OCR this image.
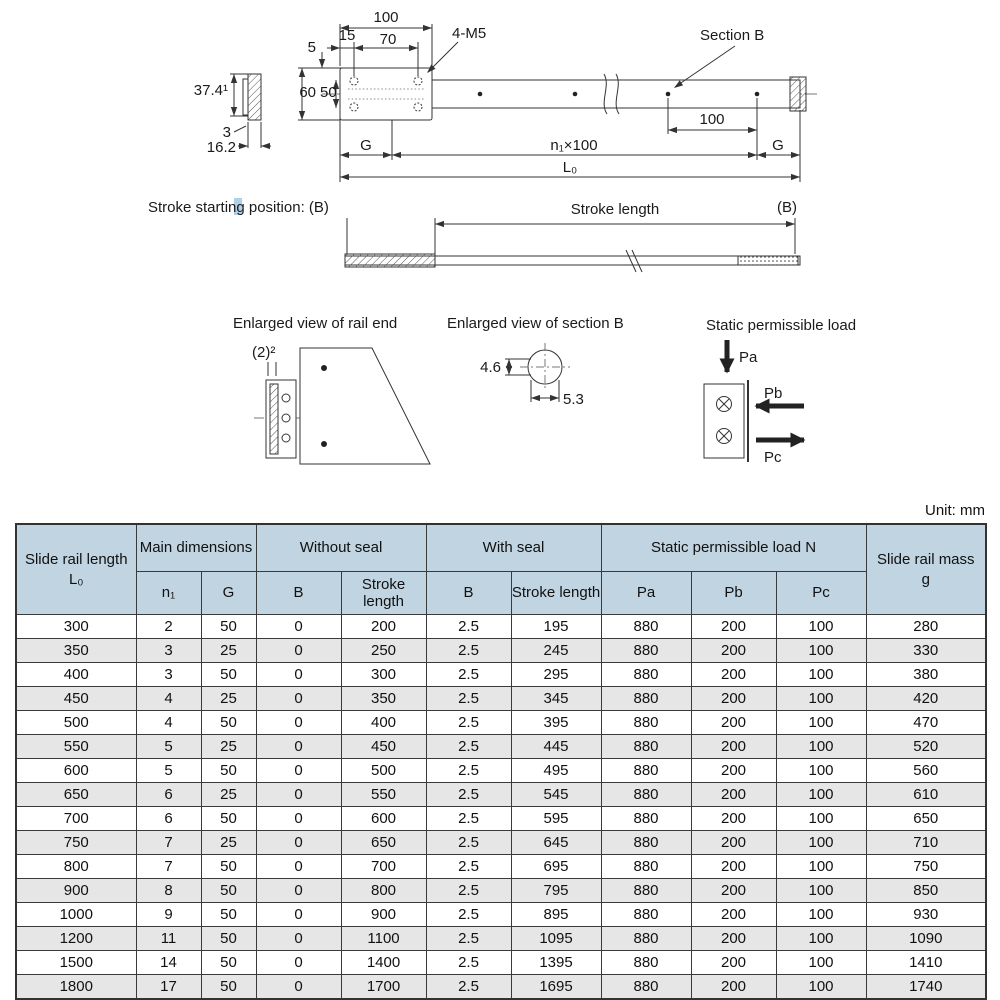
37.4¹
3
16.2
100
15 70
5
4-M5	Section B
60 50
100
G	n₁×100	G
L₀
Stroke starting position: (B)	Stroke length	(B)
Enlarged view of rail end
(2)²
Enlarged view of section B
4.6
5.3
Static permissible load
Pa
Pb
Pc
Unit: mm
Slide rail length
L₀
	Main dimensions	Without seal	With seal	Static permissible load N	
Slide rail mass
g

	n₁	G	B	Stroke length	B	Stroke length	Pa	Pb	Pc	
300	2	50	0	200	2.5	195	880	200	100	280
350	3	25	0	250	2.5	245	880	200	100	330
400	3	50	0	300	2.5	295	880	200	100	380
450	4	25	0	350	2.5	345	880	200	100	420
500	4	50	0	400	2.5	395	880	200	100	470
550	5	25	0	450	2.5	445	880	200	100	520
600	5	50	0	500	2.5	495	880	200	100	560
650	6	25	0	550	2.5	545	880	200	100	610
700	6	50	0	600	2.5	595	880	200	100	650
750	7	25	0	650	2.5	645	880	200	100	710
800	7	50	0	700	2.5	695	880	200	100	750
900	8	50	0	800	2.5	795	880	200	100	850
1000	9	50	0	900	2.5	895	880	200	100	930
1200	11	50	0	1100	2.5	1095	880	200	100	1090
1500	14	50	0	1400	2.5	1395	880	200	100	1410
1800	17	50	0	1700	2.5	1695	880	200	100	1740
